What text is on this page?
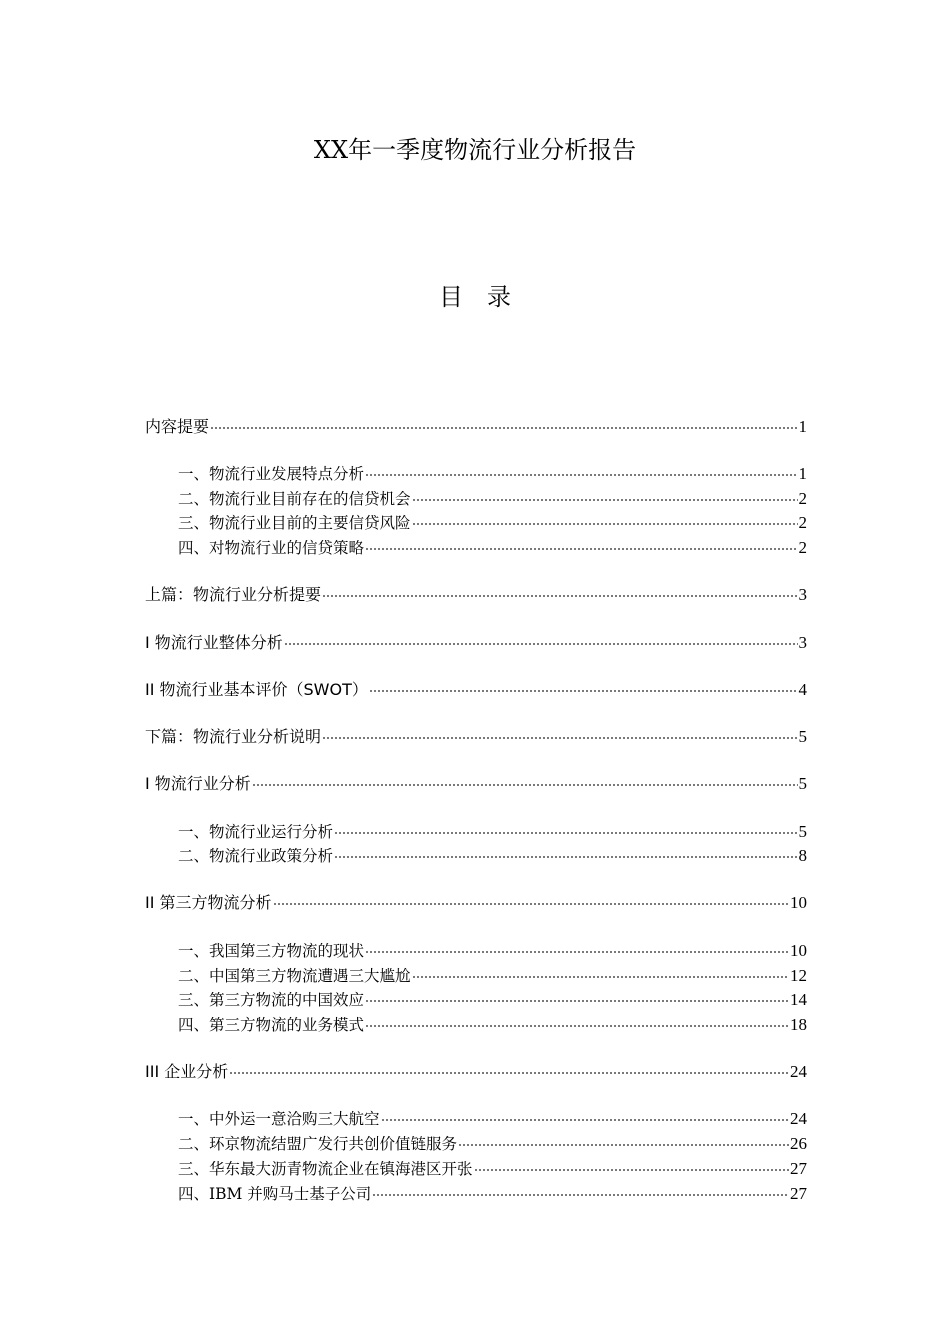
XX年一季度物流行业分析报告
目录
内容提要	1
一、物流行业发展特点分析	1
二、物流行业目前存在的信贷机会	2
三、物流行业目前的主要信贷风险	2
四、对物流行业的信贷策略	2
上篇：物流行业分析提要	3
I 物流行业整体分析	3
II 物流行业基本评价（SWOT）	4
下篇：物流行业分析说明	5
I 物流行业分析	5
一、物流行业运行分析	5
二、物流行业政策分析	8
II 第三方物流分析	10
一、我国第三方物流的现状	10
二、中国第三方物流遭遇三大尴尬	12
三、第三方物流的中国效应	14
四、第三方物流的业务模式	18
III 企业分析	24
一、中外运一意洽购三大航空	24
二、环京物流结盟广发行共创价值链服务	26
三、华东最大沥青物流企业在镇海港区开张	27
四、IBM 并购马士基子公司	27
